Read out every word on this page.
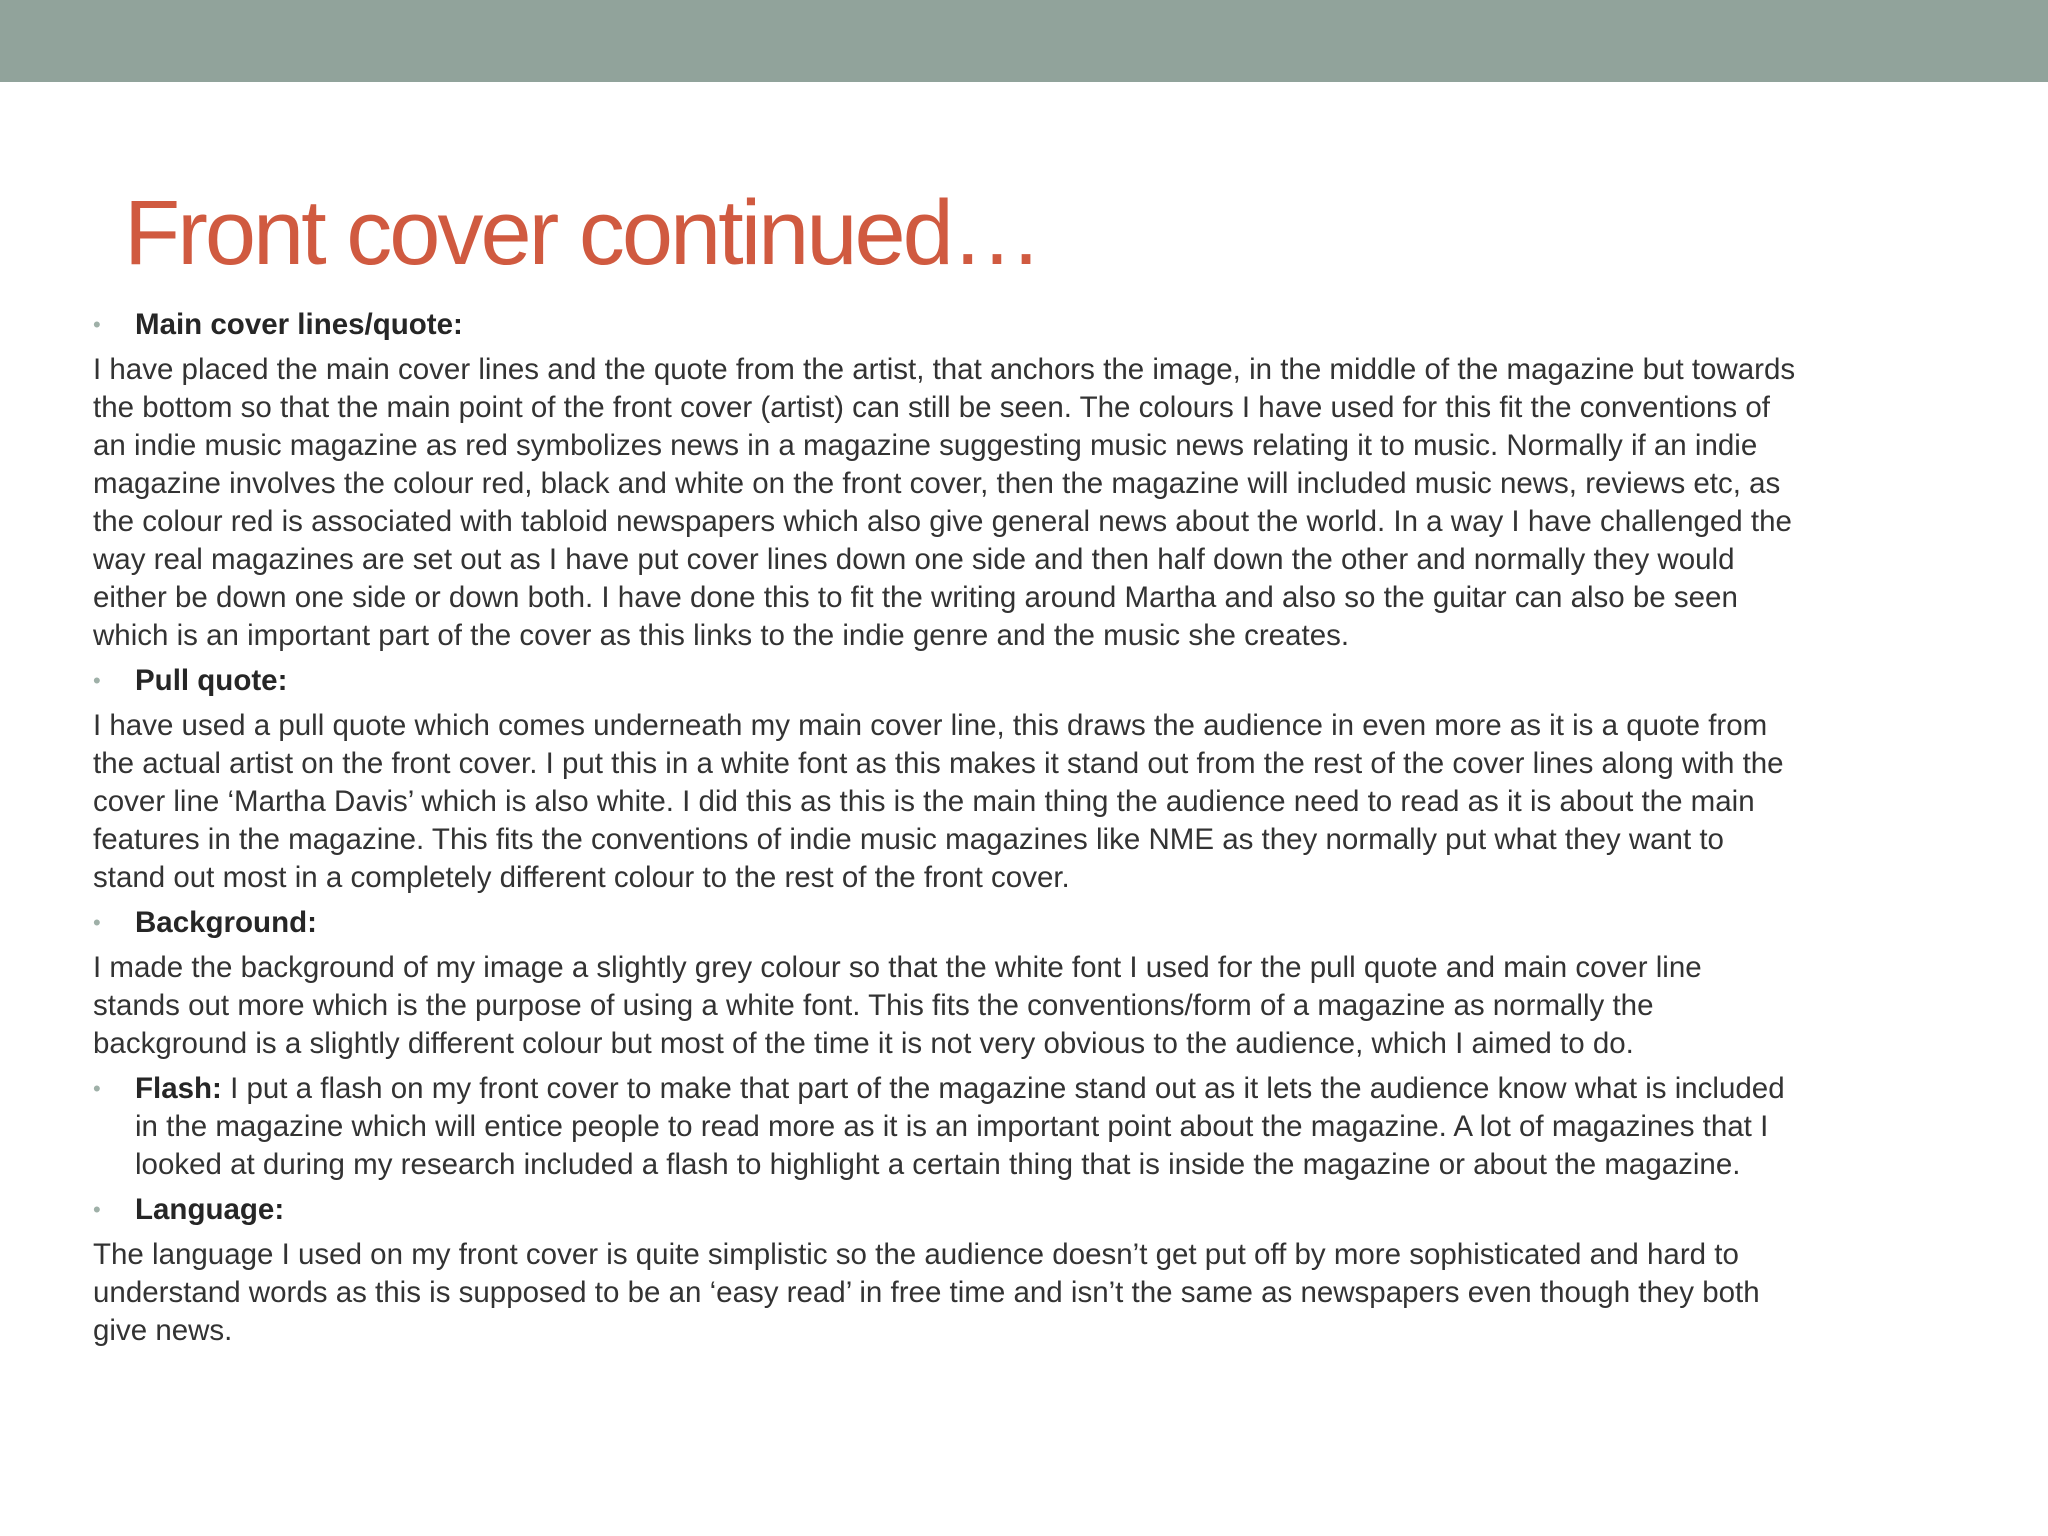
Front cover continued…
• Main cover lines/quote:
I have placed the main cover lines and the quote from the artist, that anchors the image, in the middle of the magazine but towards
the bottom so that the main point of the front cover (artist) can still be seen. The colours I have used for this fit the conventions of
an indie music magazine as red symbolizes news in a magazine suggesting music news relating it to music. Normally if an indie
magazine involves the colour red, black and white on the front cover, then the magazine will included music news, reviews etc, as
the colour red is associated with tabloid newspapers which also give general news about the world. In a way I have challenged the
way real magazines are set out as I have put cover lines down one side and then half down the other and normally they would
either be down one side or down both. I have done this to fit the writing around Martha and also so the guitar can also be seen
which is an important part of the cover as this links to the indie genre and the music she creates.
• Pull quote:
I have used a pull quote which comes underneath my main cover line, this draws the audience in even more as it is a quote from
the actual artist on the front cover. I put this in a white font as this makes it stand out from the rest of the cover lines along with the
cover line ‘Martha Davis’ which is also white. I did this as this is the main thing the audience need to read as it is about the main
features in the magazine. This fits the conventions of indie music magazines like NME as they normally put what they want to
stand out most in a completely different colour to the rest of the front cover.
• Background:
I made the background of my image a slightly grey colour so that the white font I used for the pull quote and main cover line
stands out more which is the purpose of using a white font. This fits the conventions/form of a magazine as normally the
background is a slightly different colour but most of the time it is not very obvious to the audience, which I aimed to do.
• Flash: I put a flash on my front cover to make that part of the magazine stand out as it lets the audience know what is included
in the magazine which will entice people to read more as it is an important point about the magazine. A lot of magazines that I
looked at during my research included a flash to highlight a certain thing that is inside the magazine or about the magazine.
• Language:
The language I used on my front cover is quite simplistic so the audience doesn’t get put off by more sophisticated and hard to
understand words as this is supposed to be an ‘easy read’ in free time and isn’t the same as newspapers even though they both
give news.
